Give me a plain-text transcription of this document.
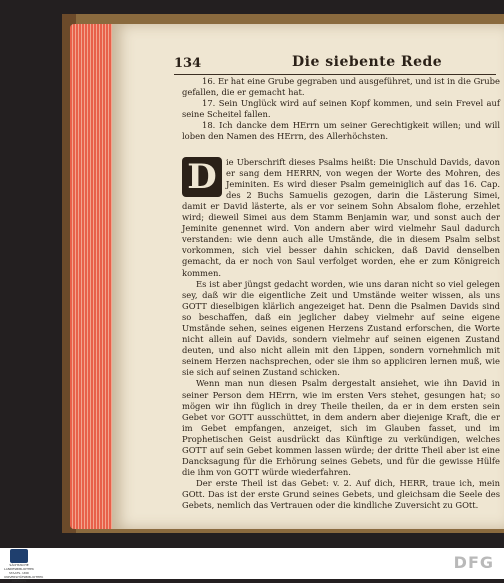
134	Die siebente Rede

16. Er hat eine Grube gegraben und ausgeführet, und ist in die Grube gefallen, die er gemacht hat.

17. Sein Unglück wird auf seinen Kopf kommen, und sein Frevel auf seine Scheitel fallen.

18. Ich dancke dem HErrn um seiner Gerechtigkeit willen; und will loben den Namen des HErrn, des Allerhöchsten.

D	ie Uberschrift dieses Psalms heißt: Die Unschuld Davids, davon er sang dem HERRN, von wegen der Worte des Mohren, des Jeminiten. Es wird dieser Psalm gemeiniglich auf das 16. Cap. des 2 Buchs Samuelis gezogen, darin die Lästerung Simei, damit er David lästerte, als er vor seinem Sohn Absalom flohe, erzehlet wird; dieweil Simei aus dem Stamm Benjamin war, und sonst auch der Jeminite genennet wird. Von andern aber wird vielmehr Saul dadurch verstanden: wie denn auch alle Umstände, die in diesem Psalm selbst vorkommen, sich viel besser dahin schicken, daß David denselben gemacht, da er noch von Saul verfolget worden, ehe er zum Königreich kommen.

Es ist aber jüngst gedacht worden, wie uns daran nicht so viel gelegen sey, daß wir die eigentliche Zeit und Umstände weiter wissen, als uns GOTT dieselbigen klärlich angezeiget hat. Denn die Psalmen Davids sind so beschaffen, daß ein jeglicher dabey vielmehr auf seine eigene Umstände sehen, seines eigenen Herzens Zustand erforschen, die Worte nicht allein auf Davids, sondern vielmehr auf seinen eigenen Zustand deuten, und also nicht allein mit den Lippen, sondern vornehmlich mit seinem Herzen nachsprechen, oder sie ihm so appliciren lernen muß, wie sie sich auf seinen Zustand schicken.

Wenn man nun diesen Psalm dergestalt ansiehet, wie ihn David in seiner Person dem HErrn, wie im ersten Vers stehet, gesungen hat; so mögen wir ihn füglich in drey Theile theilen, da er in dem ersten sein Gebet vor GOTT ausschüttet, in dem andern aber diejenige Kraft, die er im Gebet empfangen, anzeiget, sich im Glauben fasset, und im Prophetischen Geist ausdrückt das Künftige zu verkündigen, welches GOTT auf sein Gebet kommen lassen würde; der dritte Theil aber ist eine Dancksagung für die Erhörung seines Gebets, und für die gewisse Hülfe die ihm von GOTT würde wiederfahren.

Der erste Theil ist das Gebet: v. 2. Auf dich, HERR, traue ich, mein GOtt. Das ist der erste Grund seines Gebets, und gleichsam die Seele des Gebets, nemlich das Vertrauen oder die kindliche Zuversicht zu GOtt.

SÄCHSISCHE LANDESBIBLIOTHEK STAATS- UND UNIVERSITÄTSBIBLIOTHEK DRESDEN
DFG
